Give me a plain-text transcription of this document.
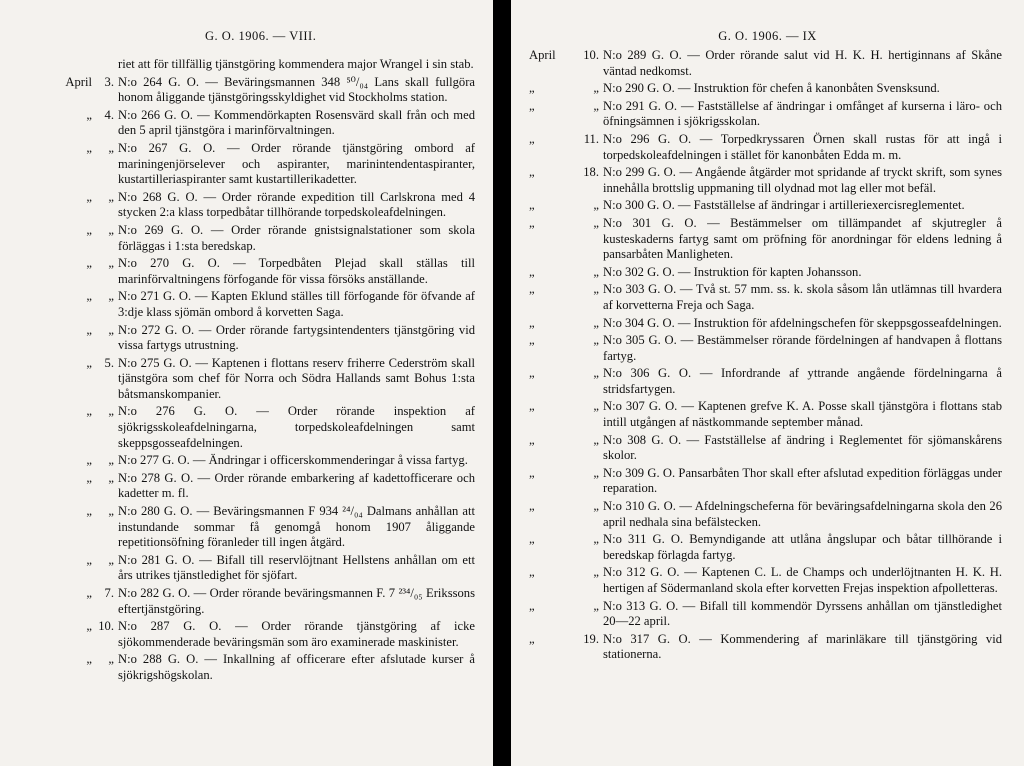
G. O. 1906. — VIII.
riet att för tillfällig tjänstgöring kommendera major Wrangel i sin stab.
April 3. N:o 264 G. O. — Beväringsmannen 348 ⁵⁰/₀₄ Lans skall fullgöra honom åliggande tjänstgöringsskyldighet vid Stockholms station.
„ 4. N:o 266 G. O. — Kommendörkapten Rosensvärd skall från och med den 5 april tjänstgöra i marinförvaltningen.
„	„ N:o 267 G. O. — Order rörande tjänstgöring ombord af mariningenjörselever och aspiranter, marinintendentaspiranter, kustartilleriaspiranter samt kustartillerikadetter.
„	„ N:o 268 G. O. — Order rörande expedition till Carlskrona med 4 stycken 2:a klass torpedbåtar tillhörande torpedskoleafdelningen.
„	„ N:o 269 G. O. — Order rörande gnistsignalstationer som skola förläggas i 1:sta beredskap.
„	„ N:o 270 G. O. — Torpedbåten Plejad skall ställas till marinförvaltningens förfogande för vissa försöks anställande.
„	„ N:o 271 G. O. — Kapten Eklund ställes till förfogande för öfvande af 3:dje klass sjömän ombord å korvetten Saga.
„	„ N:o 272 G. O. — Order rörande fartygsintendenters tjänstgöring vid vissa fartygs utrustning.
„ 5. N:o 275 G. O. — Kaptenen i flottans reserv friherre Cederström skall tjänstgöra som chef för Norra och Södra Hallands samt Bohus 1:sta båtsmanskompanier.
„	„ N:o 276 G. O. — Order rörande inspektion af sjökrigsskoleafdelningarna, torpedskoleafdelningen samt skeppsgosseafdelningen.
„	„ N:o 277 G. O. — Ändringar i officerskommenderingar å vissa fartyg.
„	„ N:o 278 G. O. — Order rörande embarkering af kadettofficerare och kadetter m. fl.
„	„ N:o 280 G. O. — Beväringsmannen F 934 ²⁴/₀₄ Dalmans anhållan att instundande sommar få genomgå honom 1907 åliggande repetitionsöfning föranleder till ingen åtgärd.
„	„ N:o 281 G. O. — Bifall till reservlöjtnant Hellstens anhållan om ett års utrikes tjänstledighet för sjöfart.
„ 7. N:o 282 G. O. — Order rörande beväringsmannen F. 7 ²³⁴/₀₅ Erikssons eftertjänstgöring.
„ 10. N:o 287 G. O. — Order rörande tjänstgöring af icke sjökommenderade beväringsmän som äro examinerade maskinister.
„	„ N:o 288 G. O. — Inkallning af officerare efter afslutade kurser å sjökrigshögskolan.
G. O. 1906. — IX
April	10. N:o 289 G. O. — Order rörande salut vid H. K. H. hertiginnans af Skåne väntad nedkomst.
„	„ N:o 290 G. O. — Instruktion för chefen å kanonbåten Svensksund.
„	„ N:o 291 G. O. — Fastställelse af ändringar i omfånget af kurserna i läro- och öfningsämnen i sjökrigsskolan.
„	11. N:o 296 G. O. — Torpedkryssaren Örnen skall rustas för att ingå i torpedskoleafdelningen i stället för kanonbåten Edda m. m.
„	18. N:o 299 G. O. — Angående åtgärder mot spridande af tryckt skrift, som synes innehålla brottslig uppmaning till olydnad mot lag eller mot befäl.
„	„ N:o 300 G. O. — Fastställelse af ändringar i artilleriexercisreglementet.
„	„ N:o 301 G. O. — Bestämmelser om tillämpandet af skjutregler å kusteskaderns fartyg samt om pröfning för anordningar för eldens ledning å pansarbåten Manligheten.
„	„ N:o 302 G. O. — Instruktion för kapten Johansson.
„	„ N:o 303 G. O. — Två st. 57 mm. ss. k. skola såsom lån utlämnas till hvardera af korvetterna Freja och Saga.
„	„ N:o 304 G. O. — Instruktion för afdelningschefen för skeppsgosseafdelningen.
„	„ N:o 305 G. O. — Bestämmelser rörande fördelningen af handvapen å flottans fartyg.
„	„ N:o 306 G. O. — Infordrande af yttrande angående fördelningarna å stridsfartygen.
„	„ N:o 307 G. O. — Kaptenen grefve K. A. Posse skall tjänstgöra i flottans stab intill utgången af nästkommande september månad.
„	„ N:o 308 G. O. — Fastställelse af ändring i Reglementet för sjömanskårens skolor.
„	„ N:o 309 G. O. Pansarbåten Thor skall efter afslutad expedition förläggas under reparation.
„	„ N:o 310 G. O. — Afdelningscheferna för beväringsafdelningarna skola den 26 april nedhala sina befälstecken.
„	„ N:o 311 G. O. Bemyndigande att utlåna ångslupar och båtar tillhörande i beredskap förlagda fartyg.
„	„ N:o 312 G. O. — Kaptenen C. L. de Champs och underlöjtnanten H. K. H. hertigen af Södermanland skola efter korvetten Frejas inspektion afpolletteras.
„	„ N:o 313 G. O. — Bifall till kommendör Dyrssens anhållan om tjänstledighet 20—22 april.
„	19. N:o 317 G. O. — Kommendering af marinläkare till tjänstgöring vid stationerna.
